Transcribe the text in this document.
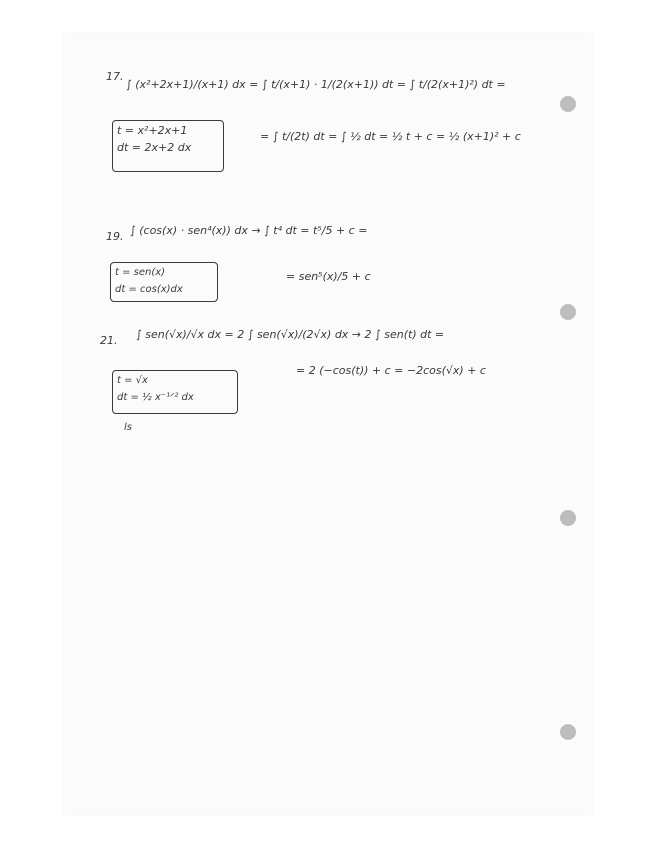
17.
∫ (x²+2x+1)/(x+1) dx = ∫ t/(x+1) · 1/(2(x+1)) dt = ∫ t/(2(x+1)²) dt =
t = x²+2x+1
dt = 2x+2 dx
= ∫ t/(2t) dt = ∫ ½ dt = ½ t + c = ½ (x+1)² + c
19. ∫ (cos(x) · sen⁴(x)) dx → ∫ t⁴ dt = t⁵/5 + c =
t = sen(x)
dt = cos(x)dx
= sen⁵(x)/5 + c
21. ∫ sen(√x)/√x dx = 2 ∫ sen(√x)/(2√x) dx → 2 ∫ sen(t) dt =
= 2 (−cos(t)) + c = −2cos(√x) + c
t = √x
dt = ½ x⁻¹ᐟ² dx
ls
